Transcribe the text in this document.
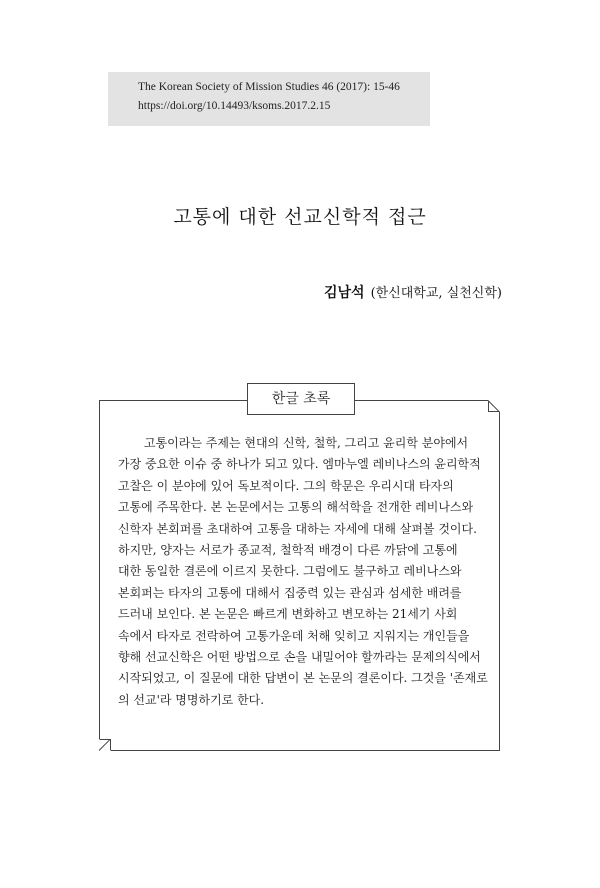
The Korean Society of Mission Studies 46 (2017): 15-46
https://doi.org/10.14493/ksoms.2017.2.15
고통에 대한 선교신학적 접근
김남석 (한신대학교, 실천신학)
한글 초록
고통이라는 주제는 현대의 신학, 철학, 그리고 윤리학 분야에서
가장 중요한 이슈 중 하나가 되고 있다. 엠마누엘 레비나스의 윤리학적
고찰은 이 분야에 있어 독보적이다. 그의 학문은 우리시대 타자의
고통에 주목한다. 본 논문에서는 고통의 해석학을 전개한 레비나스와
신학자 본회퍼를 초대하여 고통을 대하는 자세에 대해 살펴볼 것이다.
하지만, 양자는 서로가 종교적, 철학적 배경이 다른 까닭에 고통에
대한 동일한 결론에 이르지 못한다. 그럼에도 불구하고 레비나스와
본회퍼는 타자의 고통에 대해서 집중력 있는 관심과 섬세한 배려를
드러내 보인다. 본 논문은 빠르게 변화하고 변모하는 21세기 사회
속에서 타자로 전락하여 고통가운데 처해 잊히고 지워지는 개인들을
향해 선교신학은 어떤 방법으로 손을 내밀어야 할까라는 문제의식에서
시작되었고, 이 질문에 대한 답변이 본 논문의 결론이다. 그것을 '존재로
의 선교'라 명명하기로 한다.
